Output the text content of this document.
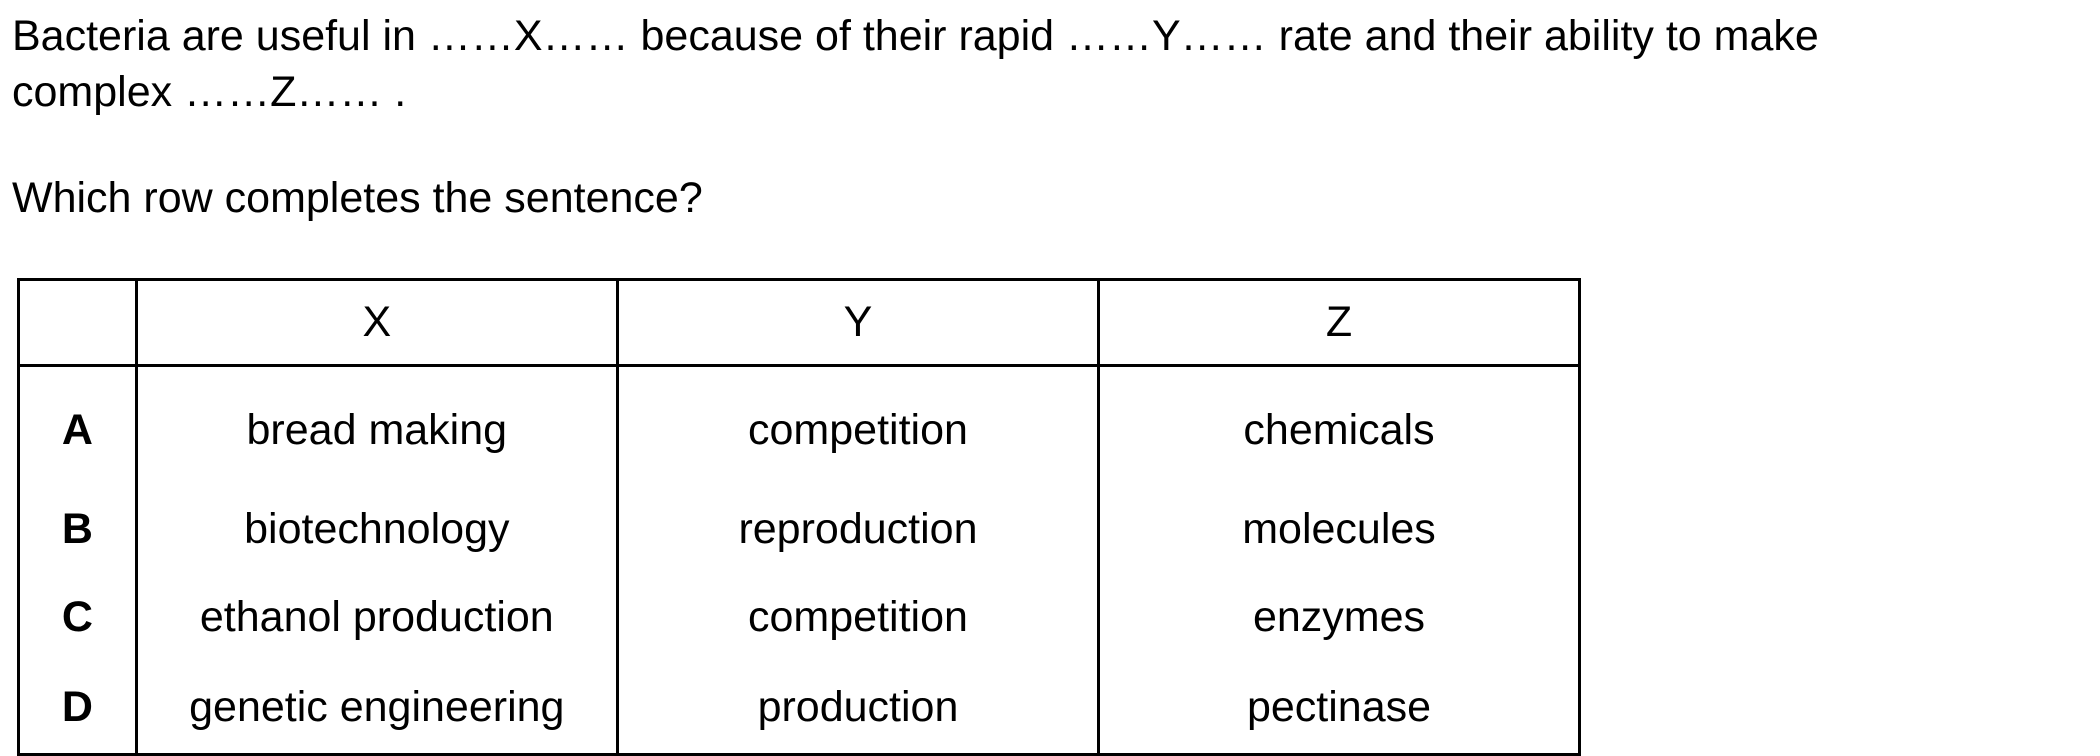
Bacteria are useful in ……X…… because of their rapid ……Y…… rate and their ability to make
complex ……Z…… .

Which row completes the sentence?

	X	Y	Z
A	bread making	competition	chemicals
B	biotechnology	reproduction	molecules
C	ethanol production	competition	enzymes
D	genetic engineering	production	pectinase
